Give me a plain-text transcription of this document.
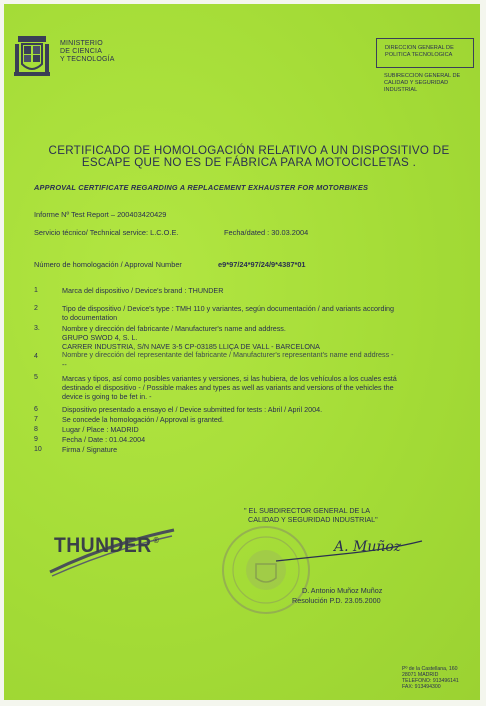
MINISTERIO
DE CIENCIA
Y TECNOLOGÍA
DIRECCION GENERAL DE
POLITICA TECNOLOGICA
SUBIRECCION GENERAL DE
CALIDAD Y SEGURIDAD
INDUSTRIAL
CERTIFICADO DE HOMOLOGACIÓN RELATIVO A UN DISPOSITIVO DE
ESCAPE QUE NO ES DE FÁBRICA PARA MOTOCICLETAS .
APPROVAL CERTIFICATE REGARDING A REPLACEMENT EXHAUSTER FOR MOTORBIKES
Informe Nº Test Report – 200403420429
Servicio técnico/ Technical service: L.C.O.E.	Fecha/dated : 30.03.2004
Número de homologación / Approval Number	e9*97/24*97/24/9*4387*01
1	Marca del dispositivo / Device's brand : THUNDER
2	Tipo de dispositivo / Device's type : TMH 110 y variantes, según documentación / and variants according
to documentation
3.	Nombre y dirección del fabricante / Manufacturer's name and address.
GRUPO SWOD 4, S. L.
CARRER INDUSTRIA, S/N NAVE 3-5 CP-03185 LLIÇA DE VALL - BARCELONA
4	Nombre y dirección del representante del fabricante / Manufacturer's representant's name end address -
--
5	Marcas y tipos, así como posibles variantes y versiones, si las hubiera, de los vehículos a los cuales está
destinado el dispositivo - / Possible makes and types as well as variants and versions of the vehicles the
device is going to be fet in. -
6	Dispositivo presentado a ensayo el / Device submitted for tests : Abril / April 2004.
7	Se concede la homologación / Approval is granted.
8	Lugar / Place : MADRID
9	Fecha / Date : 01.04.2004
10	Firma / Signature
THUNDER ®
" EL SUBDIRECTOR GENERAL DE LA
CALIDAD Y SEGURIDAD INDUSTRIAL"
A. Muñoz
D. Antonio Muñoz Muñoz
Resolución P.D. 23.05.2000
Pº de la Castellana, 160
28071 MADRID
TELEFONO: 913496141
FAX: 913494300
